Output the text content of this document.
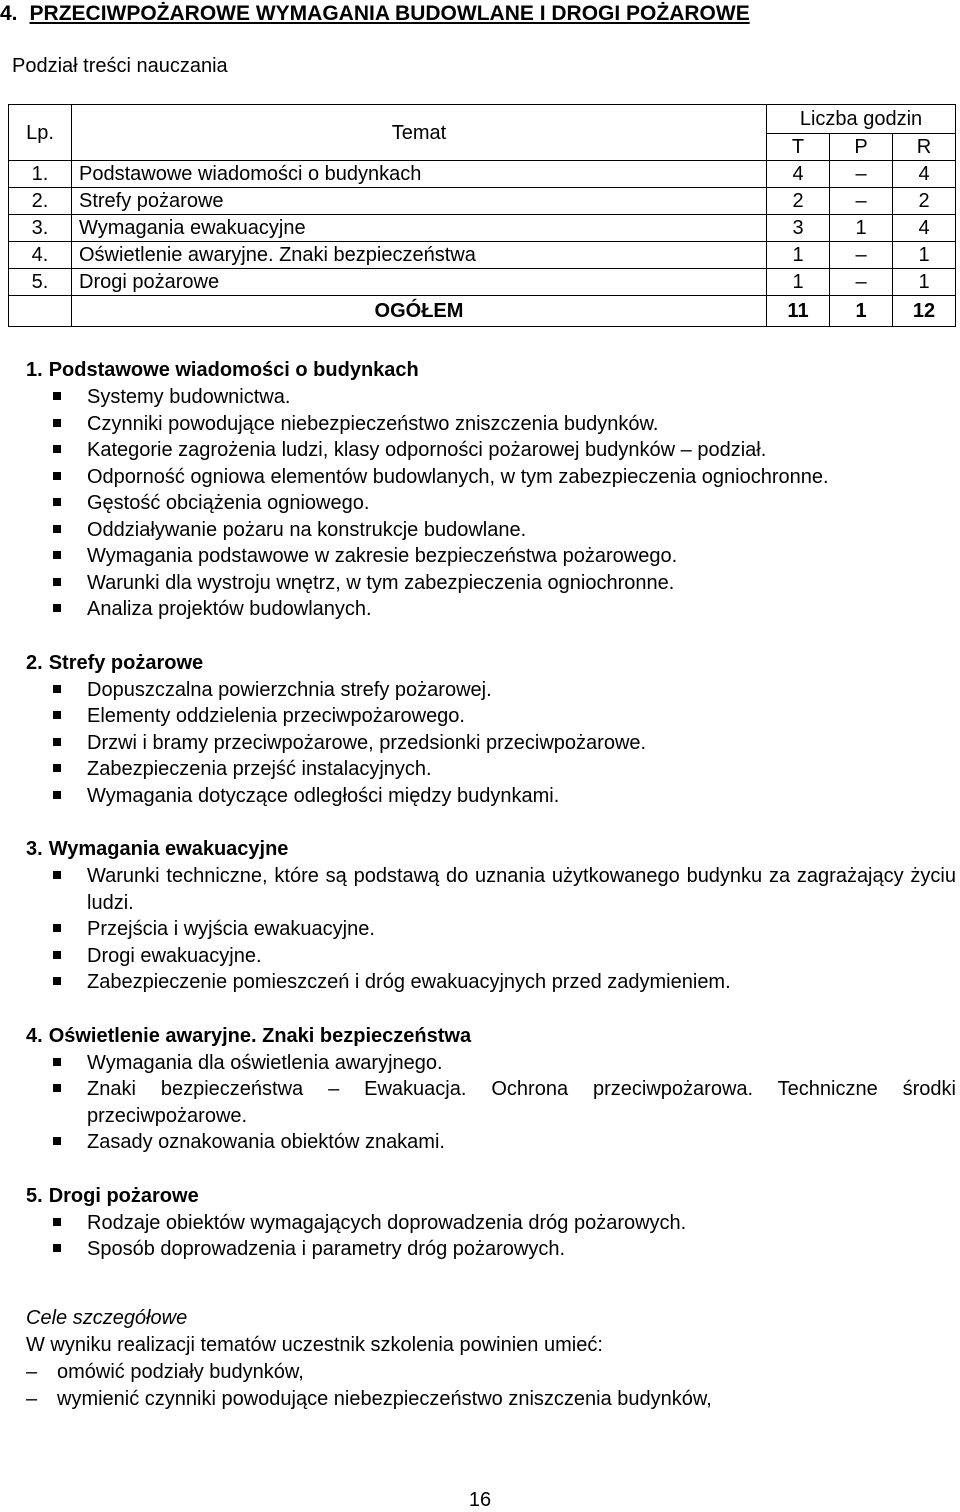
4. PRZECIWPOŻAROWE WYMAGANIA BUDOWLANE I DROGI POŻAROWE
Podział treści nauczania
Lp.	Temat	Liczba godzin		
		T	P	R
1.	Podstawowe wiadomości o budynkach	4	–	4
2.	Strefy pożarowe	2	–	2
3.	Wymagania ewakuacyjne	3	1	4
4.	Oświetlenie awaryjne. Znaki bezpieczeństwa	1	–	1
5.	Drogi pożarowe	1	–	1
	OGÓŁEM	11	1	12
1. Podstawowe wiadomości o budynkach
Systemy budownictwa.
Czynniki powodujące niebezpieczeństwo zniszczenia budynków.
Kategorie zagrożenia ludzi, klasy odporności pożarowej budynków – podział.
Odporność ogniowa elementów budowlanych, w tym zabezpieczenia ogniochronne.
Gęstość obciążenia ogniowego.
Oddziaływanie pożaru na konstrukcje budowlane.
Wymagania podstawowe w zakresie bezpieczeństwa pożarowego.
Warunki dla wystroju wnętrz, w tym zabezpieczenia ogniochronne.
Analiza projektów budowlanych.
2. Strefy pożarowe
Dopuszczalna powierzchnia strefy pożarowej.
Elementy oddzielenia przeciwpożarowego.
Drzwi i bramy przeciwpożarowe, przedsionki przeciwpożarowe.
Zabezpieczenia przejść instalacyjnych.
Wymagania dotyczące odległości między budynkami.
3. Wymagania ewakuacyjne
Warunki techniczne, które są podstawą do uznania użytkowanego budynku za zagrażający życiu ludzi.
Przejścia i wyjścia ewakuacyjne.
Drogi ewakuacyjne.
Zabezpieczenie pomieszczeń i dróg ewakuacyjnych przed zadymieniem.
4. Oświetlenie awaryjne. Znaki bezpieczeństwa
Wymagania dla oświetlenia awaryjnego.
Znaki bezpieczeństwa – Ewakuacja. Ochrona przeciwpożarowa. Techniczne środki przeciwpożarowe.
Zasady oznakowania obiektów znakami.
5. Drogi pożarowe
Rodzaje obiektów wymagających doprowadzenia dróg pożarowych.
Sposób doprowadzenia i parametry dróg pożarowych.
Cele szczegółowe
W wyniku realizacji tematów uczestnik szkolenia powinien umieć:
– omówić podziały budynków,
– wymienić czynniki powodujące niebezpieczeństwo zniszczenia budynków,
16
